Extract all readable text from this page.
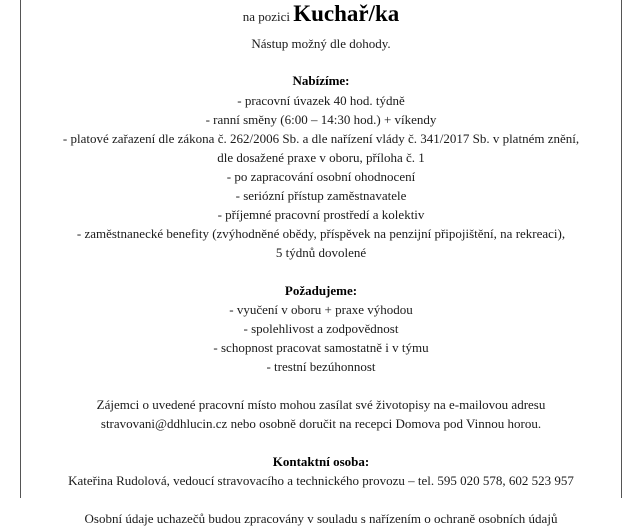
na pozici Kuchař/ka
Nástup možný dle dohody.
Nabízíme:
- pracovní úvazek 40 hod. týdně
- ranní směny (6:00 – 14:30 hod.) + víkendy
- platové zařazení dle zákona č. 262/2006 Sb. a dle nařízení vlády č. 341/2017 Sb. v platném znění,
dle dosažené praxe v oboru, příloha č. 1
- po zapracování osobní ohodnocení
- seriózní přístup zaměstnavatele
- příjemné pracovní prostředí a kolektiv
- zaměstnanecké benefity (zvýhodněné obědy, příspěvek na penzijní připojištění, na rekreaci),
5 týdnů dovolené
Požadujeme:
- vyučení v oboru + praxe výhodou
- spolehlivost a zodpovědnost
- schopnost pracovat samostatně i v týmu
- trestní bezúhonnost
Zájemci o uvedené pracovní místo mohou zasílat své životopisy na e-mailovou adresu
stravovani@ddhlucin.cz nebo osobně doručit na recepci Domova pod Vinnou horou.
Kontaktní osoba:
Kateřina Rudolová, vedoucí stravovacího a technického provozu – tel. 595 020 578, 602 523 957
Osobní údaje uchazečů budou zpracovány v souladu s nařízením o ochraně osobních údajů
